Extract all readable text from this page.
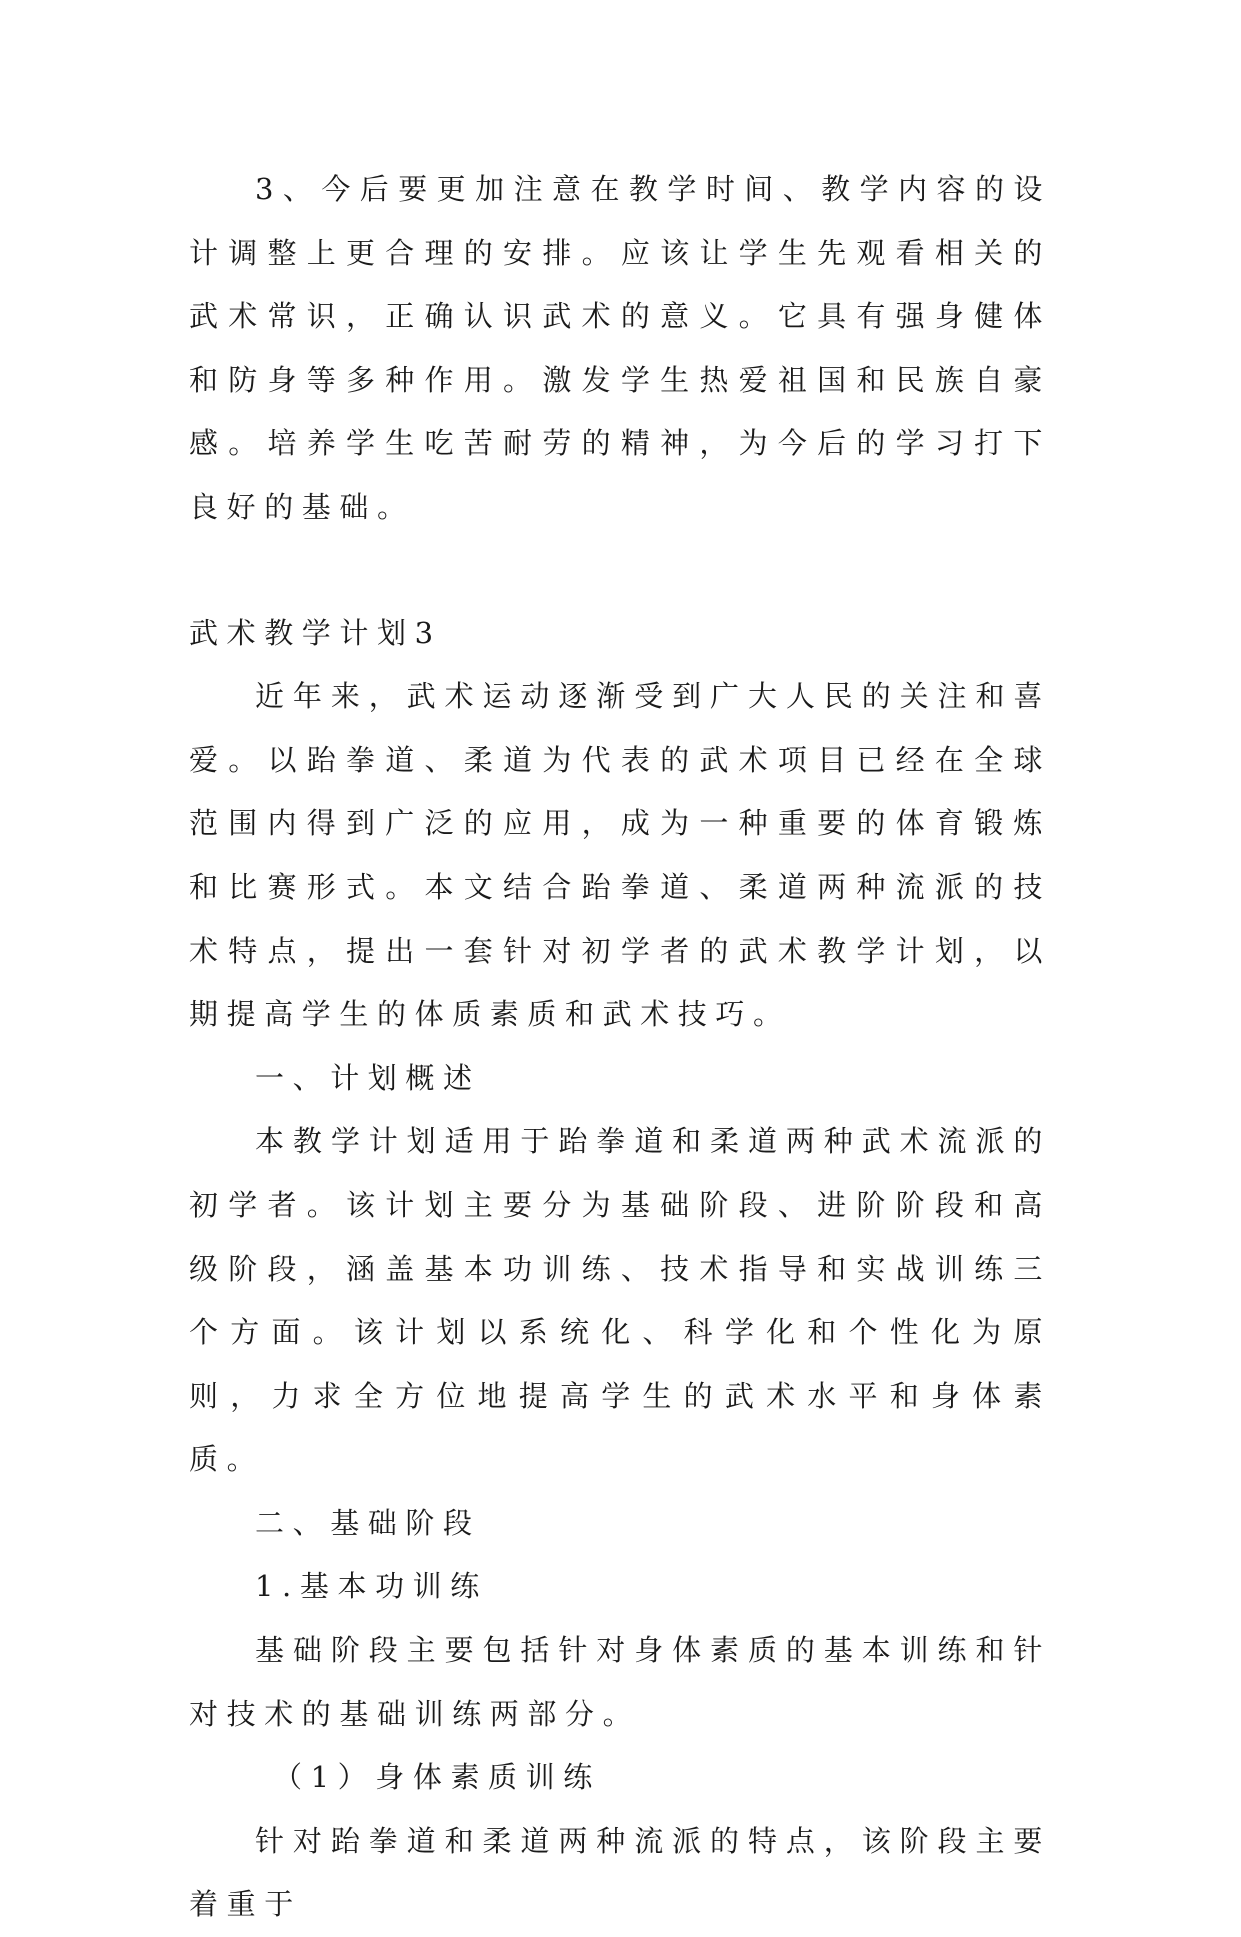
3、今后要更加注意在教学时间、教学内容的设计调整上更合理的安排。应该让学生先观看相关的武术常识，正确认识武术的意义。它具有强身健体和防身等多种作用。激发学生热爱祖国和民族自豪感。培养学生吃苦耐劳的精神，为今后的学习打下良好的基础。

武术教学计划3

近年来，武术运动逐渐受到广大人民的关注和喜爱。以跆拳道、柔道为代表的武术项目已经在全球范围内得到广泛的应用，成为一种重要的体育锻炼和比赛形式。本文结合跆拳道、柔道两种流派的技术特点，提出一套针对初学者的武术教学计划，以期提高学生的体质素质和武术技巧。

一、计划概述

本教学计划适用于跆拳道和柔道两种武术流派的初学者。该计划主要分为基础阶段、进阶阶段和高级阶段，涵盖基本功训练、技术指导和实战训练三个方面。该计划以系统化、科学化和个性化为原则，力求全方位地提高学生的武术水平和身体素质。

二、基础阶段

1.基本功训练

基础阶段主要包括针对身体素质的基本训练和针对技术的基础训练两部分。

（1）身体素质训练

针对跆拳道和柔道两种流派的特点，该阶段主要着重于
